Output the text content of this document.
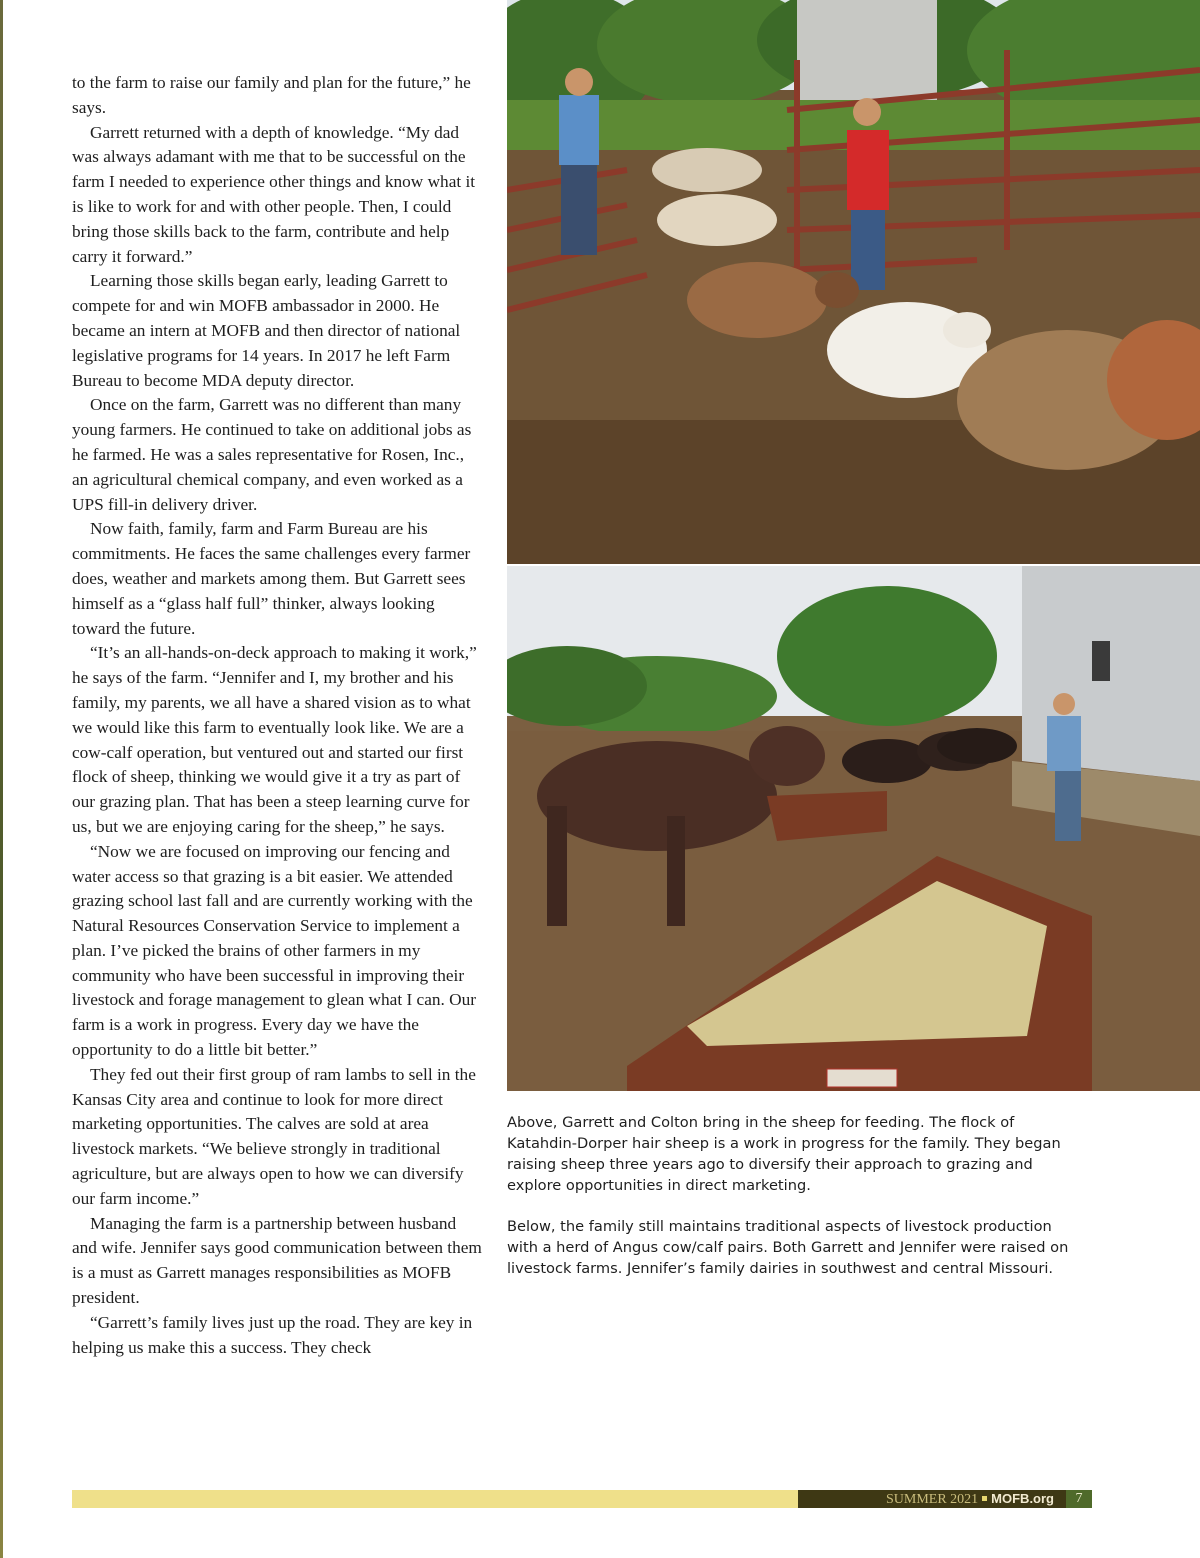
to the farm to raise our family and plan for the future,” he says.

Garrett returned with a depth of knowledge. “My dad was always adamant with me that to be successful on the farm I needed to experience other things and know what it is like to work for and with other people. Then, I could bring those skills back to the farm, contribute and help carry it forward.”

Learning those skills began early, leading Garrett to compete for and win MOFB ambassador in 2000. He became an intern at MOFB and then director of national legislative programs for 14 years. In 2017 he left Farm Bureau to become MDA deputy director.

Once on the farm, Garrett was no different than many young farmers. He continued to take on additional jobs as he farmed. He was a sales representative for Rosen, Inc., an agricultural chemical company, and even worked as a UPS fill-in delivery driver.

Now faith, family, farm and Farm Bureau are his commitments. He faces the same challenges every farmer does, weather and markets among them. But Garrett sees himself as a “glass half full” thinker, always looking toward the future.

“It’s an all-hands-on-deck approach to making it work,” he says of the farm. “Jennifer and I, my brother and his family, my parents, we all have a shared vision as to what we would like this farm to eventually look like. We are a cow-calf operation, but ventured out and started our first flock of sheep, thinking we would give it a try as part of our grazing plan. That has been a steep learning curve for us, but we are enjoying caring for the sheep,” he says.

“Now we are focused on improving our fencing and water access so that grazing is a bit easier. We attended grazing school last fall and are currently working with the Natural Resources Conservation Service to implement a plan. I’ve picked the brains of other farmers in my community who have been successful in improving their livestock and forage management to glean what I can. Our farm is a work in progress. Every day we have the opportunity to do a little bit better.”

They fed out their first group of ram lambs to sell in the Kansas City area and continue to look for more direct marketing opportunities. The calves are sold at area livestock markets. “We believe strongly in traditional agriculture, but are always open to how we can diversify our farm income.”

Managing the farm is a partnership between husband and wife. Jennifer says good communication between them is a must as Garrett manages responsibilities as MOFB president.

“Garrett’s family lives just up the road. They are key in helping us make this a success. They check

Above, Garrett and Colton bring in the sheep for feeding. The flock of Katahdin-Dorper hair sheep is a work in progress for the family. They began raising sheep three years ago to diversify their approach to grazing and explore opportunities in direct marketing.

Below, the family still maintains traditional aspects of livestock production with a herd of Angus cow/calf pairs. Both Garrett and Jennifer were raised on livestock farms. Jennifer’s family dairies in southwest and central Missouri.

SUMMER 2021 MOFB.org	7
